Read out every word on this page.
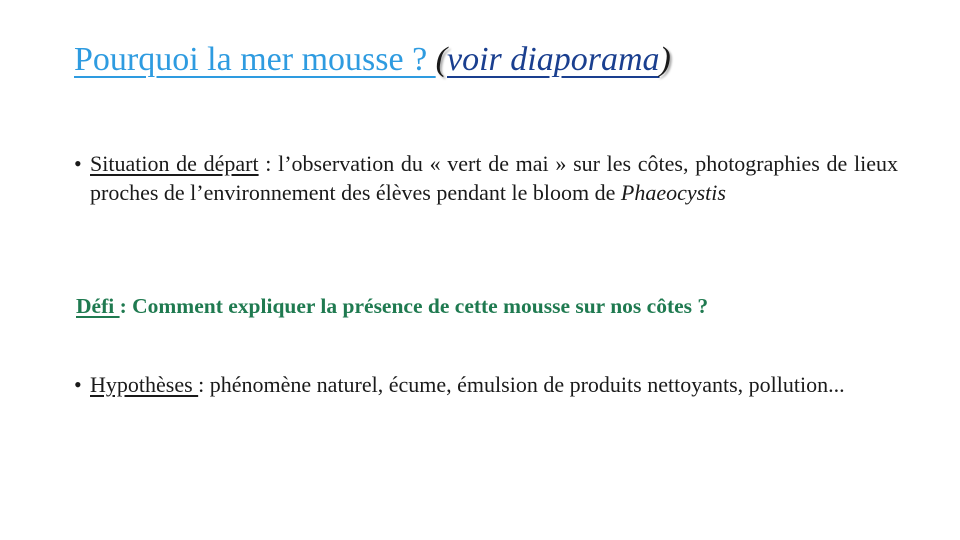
Pourquoi la mer mousse ? (voir diaporama)
• Situation de départ : l’observation du « vert de mai » sur les côtes, photographies de lieux proches de l’environnement des élèves pendant le bloom de Phaeocystis
Défi : Comment expliquer la présence de cette mousse sur nos côtes ?
• Hypothèses : phénomène naturel, écume, émulsion de produits nettoyants, pollution...
